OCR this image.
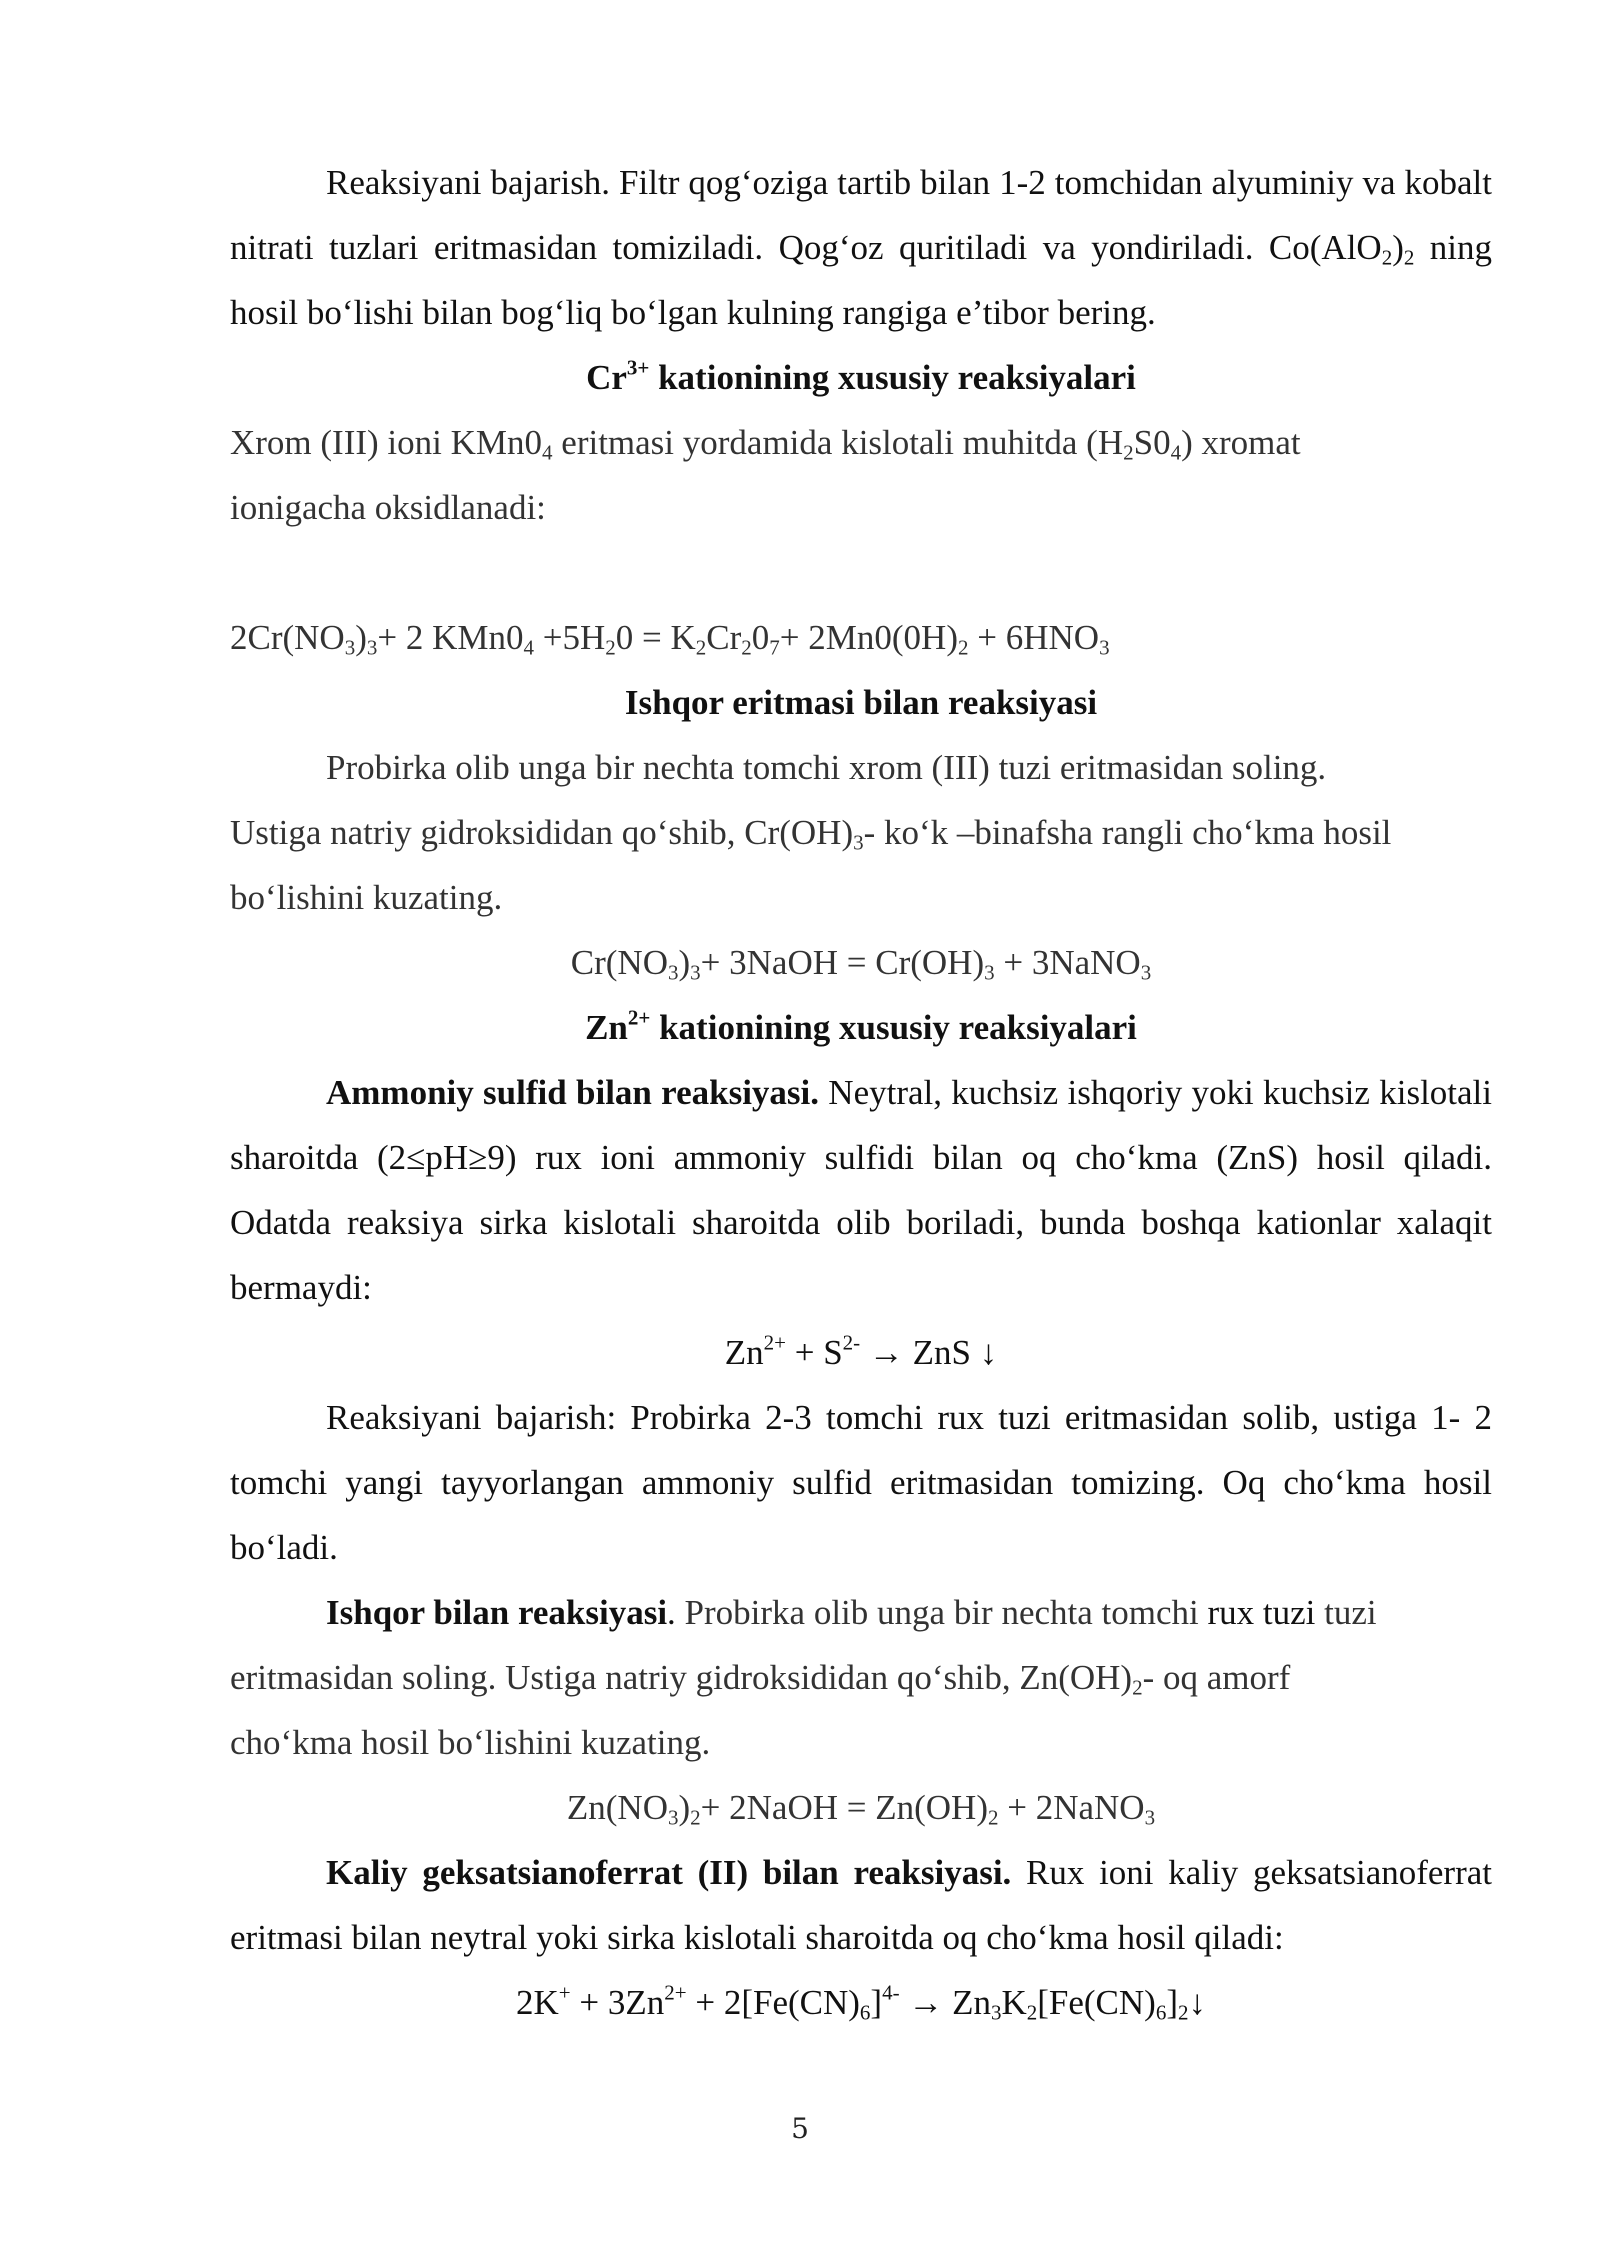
Reaksiyani bajarish. Filtr qog‘oziga tartib bilan 1-2 tomchidan alyuminiy va kobalt nitrati tuzlari eritmasidan tomiziladi. Qog‘oz quritiladi va yondiriladi. $Co(AlO_2)_2$ ning hosil bo‘lishi bilan bog‘liq bo‘lgan kulning rangiga e’tibor bering.

$Cr^{3+}$ kationining xususiy reaksiyalari

Xrom (III) ioni $KMn0_4$ eritmasi yordamida kislotali muhitda $(H_2S0_4)$ xromat
ionigacha oksidlanadi:

$2Cr(NO_3)_3+ 2$ $KMn0_4 +5H_20 = K_2Cr_20_7+ 2Mn0(0H)_2 + 6HNO_3$

Ishqor eritmasi bilan reaksiyasi

Probirka olib unga bir nechta tomchi xrom (III) tuzi eritmasidan soling.
Ustiga natriy gidroksididan qo‘shib, $Cr(OH)_3-$ ko‘k –binafsha rangli cho‘kma hosil
bo‘lishini kuzating.

$Cr(NO_3)_3+$ 3NaOH = $Cr(OH)_3$ + 3NaNO$_3$

$Zn^{2+}$ kationining xususiy reaksiyalari

Ammoniy sulfid bilan reaksiyasi. Neytral, kuchsiz ishqoriy yoki kuchsiz kislotali sharoitda (2≤pH≥9) rux ioni ammoniy sulfidi bilan oq cho‘kma (ZnS) hosil qiladi. Odatda reaksiya sirka kislotali sharoitda olib boriladi, bunda boshqa kationlar xalaqit bermaydi:

$Zn^{2+} + S^{2-}$ → ZnS ↓

Reaksiyani bajarish: Probirka 2-3 tomchi rux tuzi eritmasidan solib, ustiga 1- 2 tomchi yangi tayyorlangan ammoniy sulfid eritmasidan tomizing. Oq cho‘kma hosil bo‘ladi.

Ishqor bilan reaksiyasi. Probirka olib unga bir nechta tomchi rux tuzi tuzi
eritmasidan soling. Ustiga natriy gidroksididan qo‘shib, $Zn(OH)_2-$ oq amorf
cho‘kma hosil bo‘lishini kuzating.

$Zn(NO_3)_2+$ 2NaOH = $Zn(OH)_2$ + 2NaNO$_3$

Kaliy geksatsianoferrat (II) bilan reaksiyasi. Rux ioni kaliy geksatsianoferrat eritmasi bilan neytral yoki sirka kislotali sharoitda oq cho‘kma hosil qiladi:

$2K^+ + 3Zn^{2+} + 2[Fe(CN)_6]^{4-}$ → $Zn_3K_2[Fe(CN)_6]_2↓$

5
